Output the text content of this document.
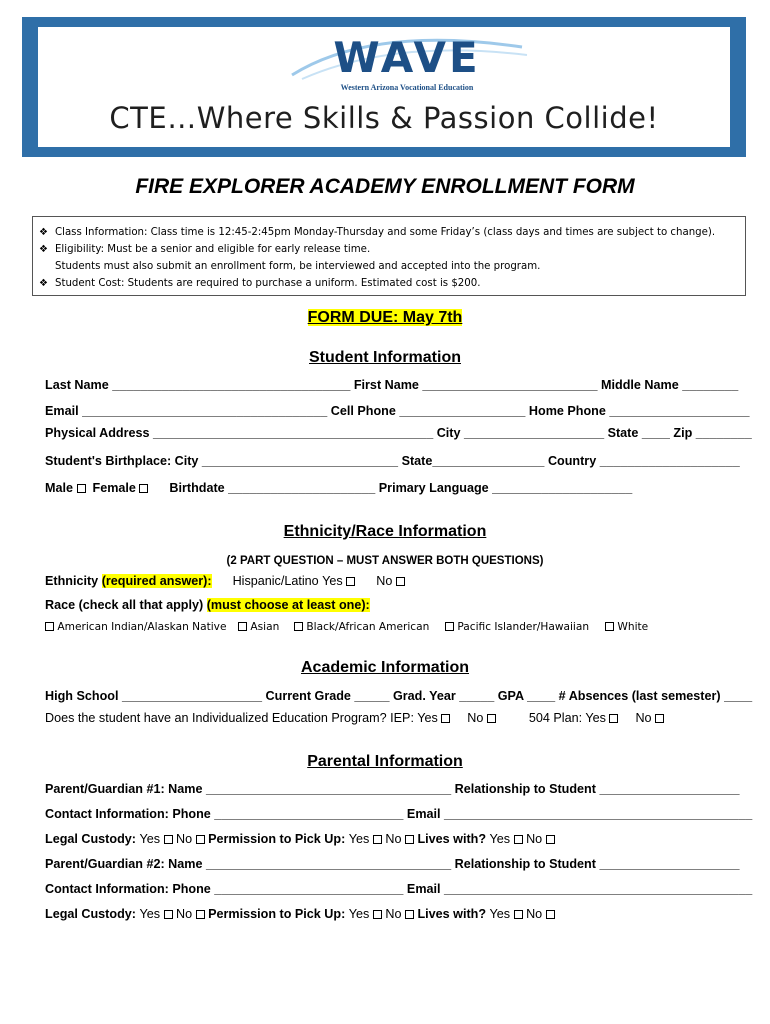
WAVE
Western Arizona Vocational Education
CTE…Where Skills & Passion Collide!
FIRE EXPLORER ACADEMY ENROLLMENT FORM
❖ Class Information: Class time is 12:45-2:45pm Monday-Thursday and some Friday’s (class days and times are subject to change).
❖ Eligibility: Must be a senior and eligible for early release time.
Students must also submit an enrollment form, be interviewed and accepted into the program.
❖ Student Cost: Students are required to purchase a uniform. Estimated cost is $200.
FORM DUE: May 7th
Student Information
Last Name __________________________________ First Name _________________________ Middle Name ________
Email ___________________________________ Cell Phone __________________ Home Phone ____________________
Physical Address ________________________________________ City ____________________ State ____ Zip ________
Student's Birthplace: City ____________________________ State________________ Country ____________________
Male Female	Birthdate _____________________ Primary Language ____________________
Ethnicity/Race Information
(2 PART QUESTION – MUST ANSWER BOTH QUESTIONS)
Ethnicity (required answer): Hispanic/Latino Yes	No
Race (check all that apply) (must choose at least one):
American Indian/Alaskan Native	Asian	Black/African American	Pacific Islander/Hawaiian	White
Academic Information
High School ____________________ Current Grade _____ Grad. Year _____ GPA ____ # Absences (last semester) ____
Does the student have an Individualized Education Program? IEP: Yes No	504 Plan: Yes No
Parental Information
Parent/Guardian #1: Name ___________________________________ Relationship to Student ____________________
Contact Information: Phone ___________________________ Email ____________________________________________
Legal Custody: Yes No Permission to Pick Up: Yes No Lives with? Yes No
Parent/Guardian #2: Name ___________________________________ Relationship to Student ____________________
Contact Information: Phone ___________________________ Email ____________________________________________
Legal Custody: Yes No Permission to Pick Up: Yes No Lives with? Yes No
